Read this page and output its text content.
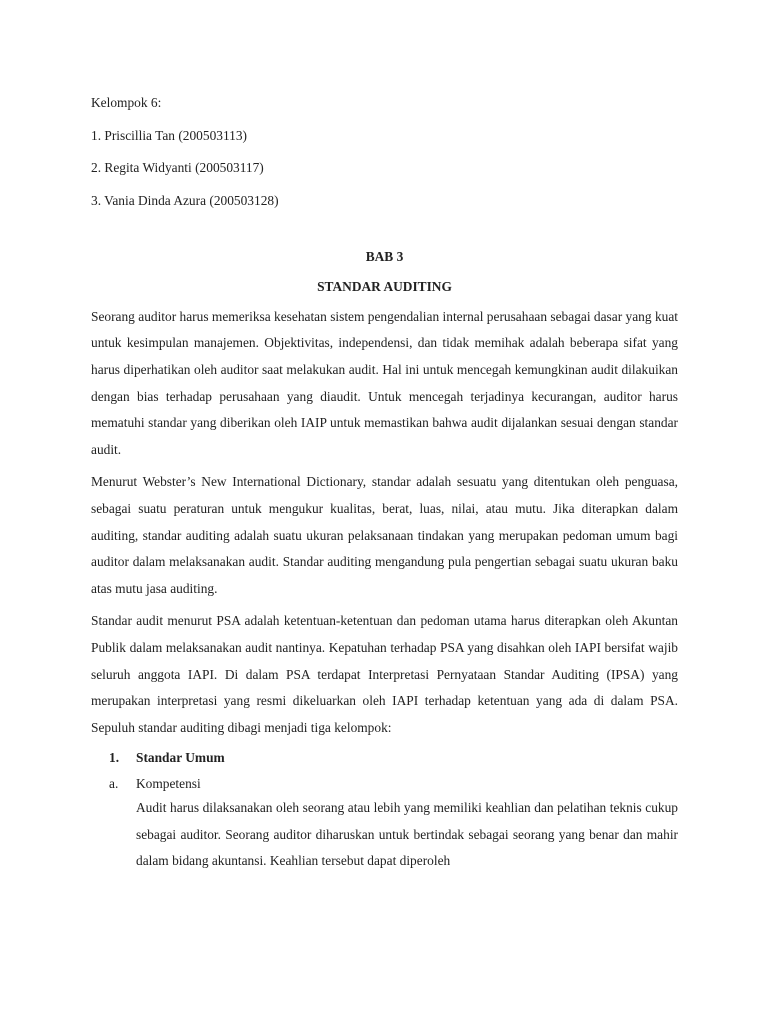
Kelompok 6:
1. Priscillia Tan (200503113)
2. Regita Widyanti (200503117)
3. Vania Dinda Azura (200503128)
BAB 3
STANDAR AUDITING

Seorang auditor harus memeriksa kesehatan sistem pengendalian internal perusahaan sebagai dasar yang kuat untuk kesimpulan manajemen. Objektivitas, independensi, dan tidak memihak adalah beberapa sifat yang harus diperhatikan oleh auditor saat melakukan audit. Hal ini untuk mencegah kemungkinan audit dilakuikan dengan bias terhadap perusahaan yang diaudit. Untuk mencegah terjadinya kecurangan, auditor harus mematuhi standar yang diberikan oleh IAIP untuk memastikan bahwa audit dijalankan sesuai dengan standar audit.

Menurut Webster’s New International Dictionary, standar adalah sesuatu yang ditentukan oleh penguasa, sebagai suatu peraturan untuk mengukur kualitas, berat, luas, nilai, atau mutu. Jika diterapkan dalam auditing, standar auditing adalah suatu ukuran pelaksanaan tindakan yang merupakan pedoman umum bagi auditor dalam melaksanakan audit. Standar auditing mengandung pula pengertian sebagai suatu ukuran baku atas mutu jasa auditing.

Standar audit menurut PSA adalah ketentuan-ketentuan dan pedoman utama harus diterapkan oleh Akuntan Publik dalam melaksanakan audit nantinya. Kepatuhan terhadap PSA yang disahkan oleh IAPI bersifat wajib seluruh anggota IAPI. Di dalam PSA terdapat Interpretasi Pernyataan Standar Auditing (IPSA) yang merupakan interpretasi yang resmi dikeluarkan oleh IAPI terhadap ketentuan yang ada di dalam PSA. Sepuluh standar auditing dibagi menjadi tiga kelompok:

1.	Standar Umum
a.	Kompetensi

Audit harus dilaksanakan oleh seorang atau lebih yang memiliki keahlian dan pelatihan teknis cukup sebagai auditor. Seorang auditor diharuskan untuk bertindak sebagai seorang yang benar dan mahir dalam bidang akuntansi. Keahlian tersebut dapat diperoleh
